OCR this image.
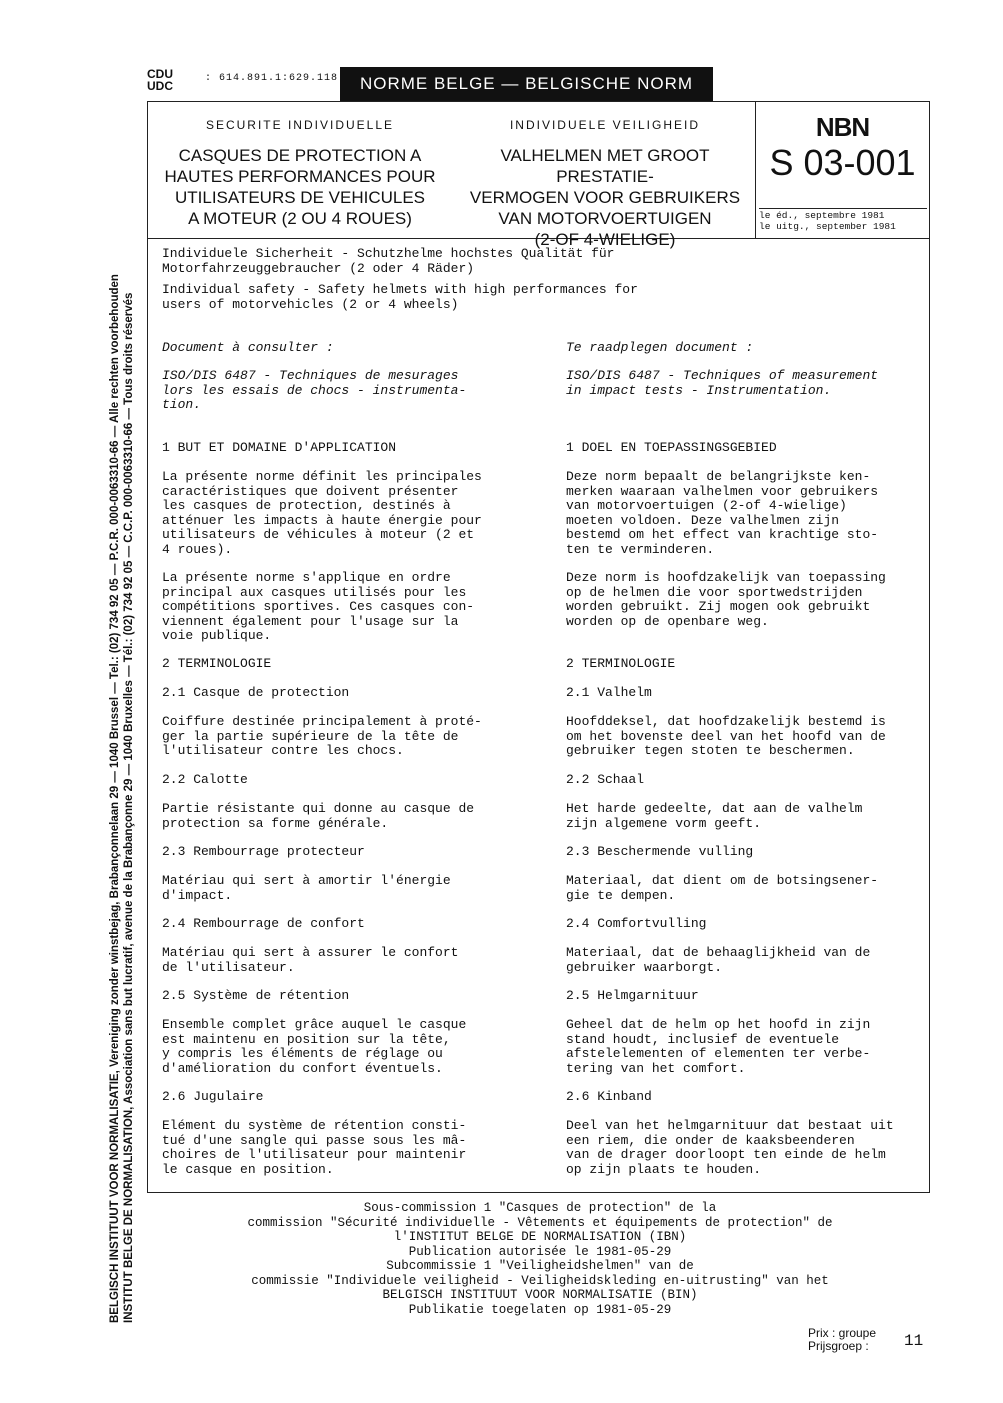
CDU
UDC
: 614.891.1:629.118	NORME BELGE — BELGISCHE NORM
NBN
S 03-001
le éd., septembre 1981
le uitg., september 1981
SECURITE INDIVIDUELLE
CASQUES DE PROTECTION A
HAUTES PERFORMANCES POUR
UTILISATEURS DE VEHICULES
A MOTEUR (2 OU 4 ROUES)
INDIVIDUELE VEILIGHEID
VALHELMEN MET GROOT PRESTATIE-
VERMOGEN VOOR GEBRUIKERS
VAN MOTORVOERTUIGEN
(2-OF 4-WIELIGE)
Individuele Sicherheit - Schutzhelme hochstes Qualität für
Motorfahrzeuggebraucher (2 oder 4 Räder)
Individual safety - Safety helmets with high performances for
users of motorvehicles (2 or 4 wheels)
Document à consulter :
ISO/DIS 6487 - Techniques de mesurages
lors les essais de chocs - instrumenta-
tion.
1 BUT ET DOMAINE D'APPLICATION
La présente norme définit les principales
caractéristiques que doivent présenter
les casques de protection, destinés à
atténuer les impacts à haute énergie pour
utilisateurs de véhicules à moteur (2 et
4 roues).
La présente norme s'applique en ordre
principal aux casques utilisés pour les
compétitions sportives. Ces casques con-
viennent également pour l'usage sur la
voie publique.
2 TERMINOLOGIE
2.1 Casque de protection
Coiffure destinée principalement à proté-
ger la partie supérieure de la tête de
l'utilisateur contre les chocs.
2.2 Calotte
Partie résistante qui donne au casque de
protection sa forme générale.
2.3 Rembourrage protecteur
Matériau qui sert à amortir l'énergie
d'impact.
2.4 Rembourrage de confort
Matériau qui sert à assurer le confort
de l'utilisateur.
2.5 Système de rétention
Ensemble complet grâce auquel le casque
est maintenu en position sur la tête,
y compris les éléments de réglage ou
d'amélioration du confort éventuels.
2.6 Jugulaire
Elément du système de rétention consti-
tué d'une sangle qui passe sous les mâ-
choires de l'utilisateur pour maintenir
le casque en position.
Te raadplegen document :
ISO/DIS 6487 - Techniques of measurement
in impact tests - Instrumentation.
1 DOEL EN TOEPASSINGSGEBIED
Deze norm bepaalt de belangrijkste ken-
merken waaraan valhelmen voor gebruikers
van motorvoertuigen (2-of 4-wielige)
moeten voldoen. Deze valhelmen zijn
bestemd om het effect van krachtige sto-
ten te verminderen.
Deze norm is hoofdzakelijk van toepassing
op de helmen die voor sportwedstrijden
worden gebruikt. Zij mogen ook gebruikt
worden op de openbare weg.
2 TERMINOLOGIE
2.1 Valhelm
Hoofddeksel, dat hoofdzakelijk bestemd is
om het bovenste deel van het hoofd van de
gebruiker tegen stoten te beschermen.
2.2 Schaal
Het harde gedeelte, dat aan de valhelm
zijn algemene vorm geeft.
2.3 Beschermende vulling
Materiaal, dat dient om de botsingsener-
gie te dempen.
2.4 Comfortvulling
Materiaal, dat de behaaglijkheid van de
gebruiker waarborgt.
2.5 Helmgarnituur
Geheel dat de helm op het hoofd in zijn
stand houdt, inclusief de eventuele
afstelelementen of elementen ter verbe-
tering van het comfort.
2.6 Kinband
Deel van het helmgarnituur dat bestaat uit
een riem, die onder de kaaksbeenderen
van de drager doorloopt ten einde de helm
op zijn plaats te houden.
Sous-commission 1 "Casques de protection" de la
commission "Sécurité individuelle - Vêtements et équipements de protection" de
l'INSTITUT BELGE DE NORMALISATION (IBN)
Publication autorisée le 1981-05-29
Subcommissie 1 "Veiligheidshelmen" van de
commissie "Individuele veiligheid - Veiligheidskleding en-uitrusting" van het
BELGISCH INSTITUUT VOOR NORMALISATIE (BIN)
Publikatie toegelaten op 1981-05-29
BELGISCH INSTITUUT VOOR NORMALISATIE, Vereniging zonder winstbejag, Brabançonnelaan 29 — 1040 Brussel — Tel.: (02) 734 92 05 — P.C.R. 000-0063310-66 — Alle rechten voorbehouden INSTITUT BELGE DE NORMALISATION, Association sans but lucratif, avenue de la Brabançonne 29 — 1040 Bruxelles — Tél.: (02) 734 92 05 — C.C.P. 000-0063310-66 — Tous droits réservés
Prix : groupe
Prijsgroep :	11
